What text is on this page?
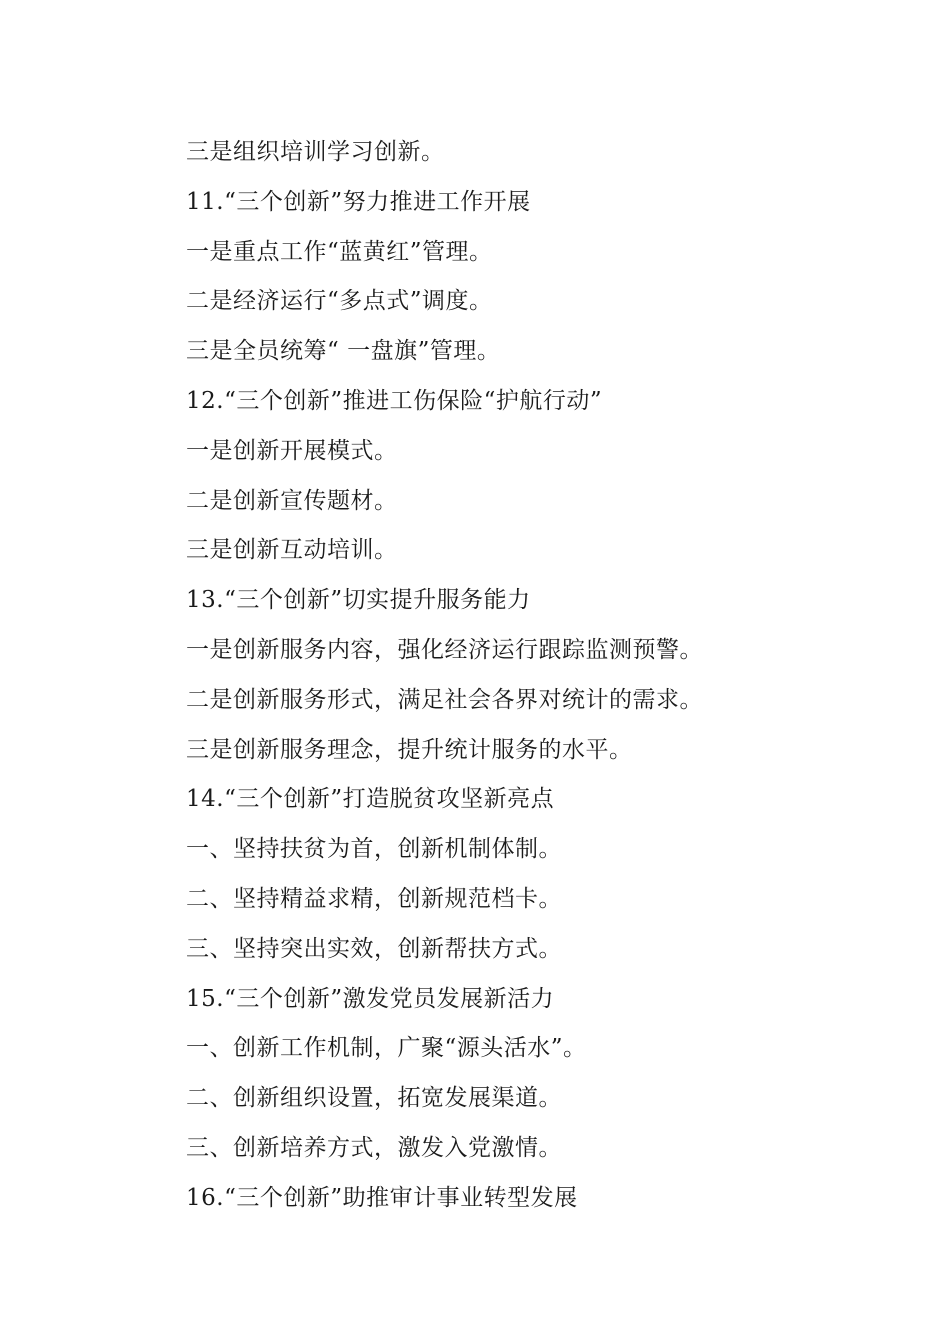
三是组织培训学习创新。
11.“三个创新”努力推进工作开展
一是重点工作“蓝黄红”管理。
二是经济运行“多点式”调度。
三是全员统筹“ 一盘旗”管理。
12.“三个创新”推进工伤保险“护航行动”
一是创新开展模式。
二是创新宣传题材。
三是创新互动培训。
13.“三个创新”切实提升服务能力
一是创新服务内容，强化经济运行跟踪监测预警。
二是创新服务形式，满足社会各界对统计的需求。
三是创新服务理念，提升统计服务的水平。
14.“三个创新”打造脱贫攻坚新亮点
一、坚持扶贫为首，创新机制体制。
二、坚持精益求精，创新规范档卡。
三、坚持突出实效，创新帮扶方式。
15.“三个创新”激发党员发展新活力
一、创新工作机制，广聚“源头活水”。
二、创新组织设置，拓宽发展渠道。
三、创新培养方式，激发入党激情。
16.“三个创新”助推审计事业转型发展
